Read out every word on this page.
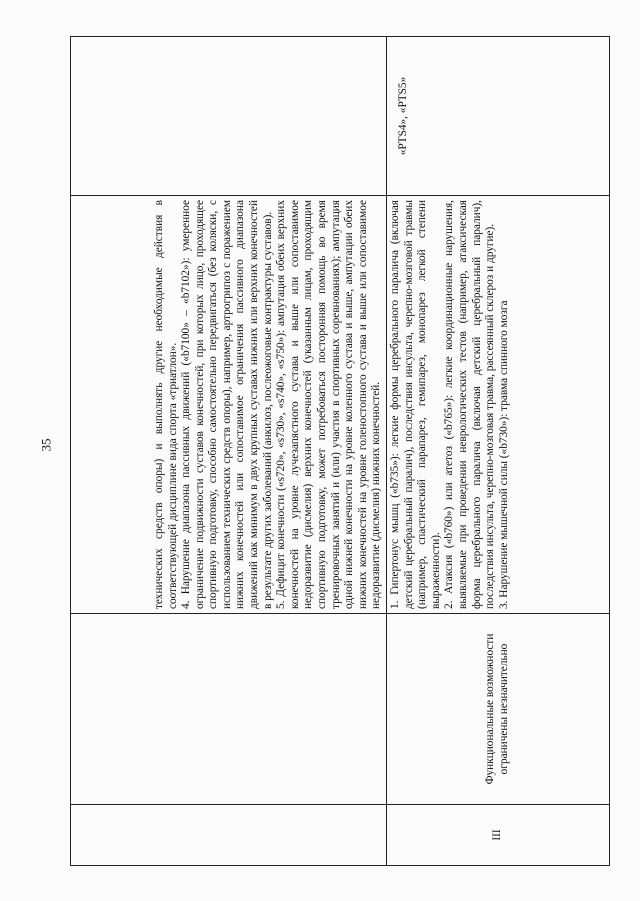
35

		технических средств опоры) и выполнять другие необходимые действия в соответствующей дисциплине вида спорта «триатлон». 4. Нарушение диапазона пассивных движений («b7100» – «b7102»): умеренное ограничение подвижности суставов конечностей, при которых лицо, проходящее спортивную подготовку, способно самостоятельно передвигаться (без коляски, с использованием технических средств опоры), например, артрогрипоз с поражением нижних конечностей или сопоставимое ограничения пассивного диапазона движений как минимум в двух крупных суставах нижних или верхних конечностей в результате других заболеваний (анкилоз, послеожоговые контрактуры суставов). 5. Дефицит конечности («s720», «s730», «s740», «s750»): ампутация обеих верхних конечностей на уровне лучезапястного сустава и выше или сопоставимое недоразвитие (дисмелия) верхних конечностей (указанным лицам, проходящим спортивную подготовку, может потребоваться посторонняя помощь во время тренировочных занятий и (или) участия в спортивных соревнованиях); ампутация одной нижней конечности на уровне коленного сустава и выше, ампутации обеих нижних конечностей на уровне голеностопного сустава и выше или сопоставимое недоразвитие (дисмелия) нижних конечностей.	

III	Функциональные возможности ограничены незначительно	1. Гипертонус мышц («b735»): легкие формы церебрального паралича (включая детский церебральный паралич), последствия инсульта, черепно-мозговой травмы (например, спастический парапарез, гемипарез, монопарез легкой степени выраженности). 2. Атаксия («b760») или атетоз («b765»): легкие координационные нарушения, выявляемые при проведении неврологических тестов (например, атаксическая форма церебрального паралича (включая детский церебральный паралич), последствия инсульта, черепно-мозговая травма, рассеянный склероз и другие). 3. Нарушение мышечной силы («b730»): травма спинного мозга	«PTS4», «PTS5»
